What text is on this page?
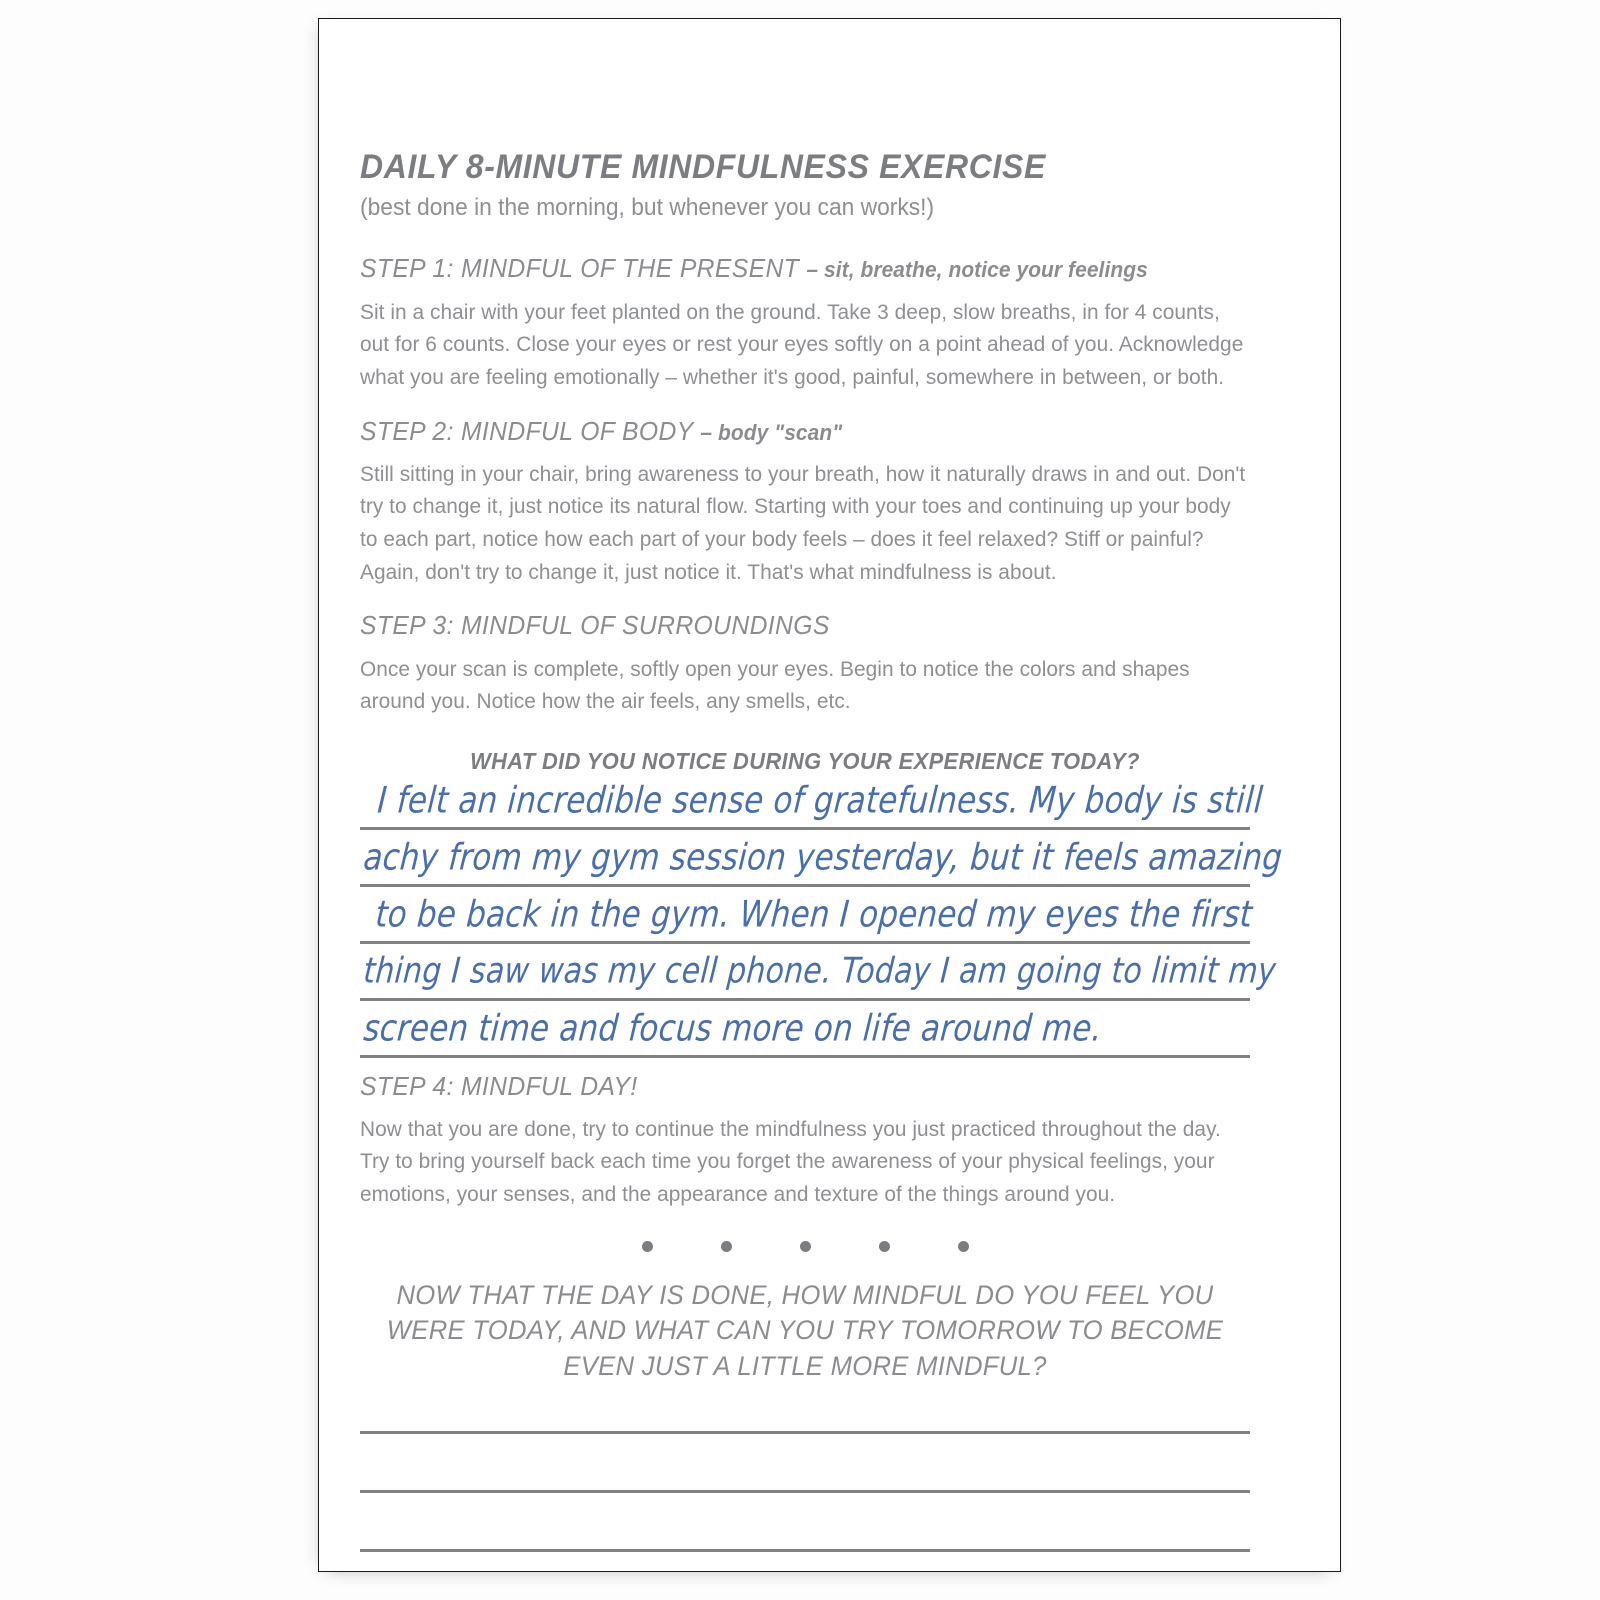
DAILY 8-MINUTE MINDFULNESS EXERCISE
(best done in the morning, but whenever you can works!)
STEP 1: MINDFUL OF THE PRESENT – sit, breathe, notice your feelings
Sit in a chair with your feet planted on the ground. Take 3 deep, slow breaths, in for 4 counts, out for 6 counts. Close your eyes or rest your eyes softly on a point ahead of you. Acknowledge what you are feeling emotionally – whether it's good, painful, somewhere in between, or both.
STEP 2: MINDFUL OF BODY – body "scan"
Still sitting in your chair, bring awareness to your breath, how it naturally draws in and out. Don't try to change it, just notice its natural flow. Starting with your toes and continuing up your body to each part, notice how each part of your body feels – does it feel relaxed? Stiff or painful? Again, don't try to change it, just notice it. That's what mindfulness is about.
STEP 3: MINDFUL OF SURROUNDINGS
Once your scan is complete, softly open your eyes. Begin to notice the colors and shapes around you. Notice how the air feels, any smells, etc.
WHAT DID YOU NOTICE DURING YOUR EXPERIENCE TODAY?
I felt an incredible sense of gratefulness. My body is still
achy from my gym session yesterday, but it feels amazing
to be back in the gym. When I opened my eyes the first
thing I saw was my cell phone. Today I am going to limit my
screen time and focus more on life around me.
STEP 4: MINDFUL DAY!
Now that you are done, try to continue the mindfulness you just practiced throughout the day. Try to bring yourself back each time you forget the awareness of your physical feelings, your emotions, your senses, and the appearance and texture of the things around you.
NOW THAT THE DAY IS DONE, HOW MINDFUL DO YOU FEEL YOU
WERE TODAY, AND WHAT CAN YOU TRY TOMORROW TO BECOME
EVEN JUST A LITTLE MORE MINDFUL?
